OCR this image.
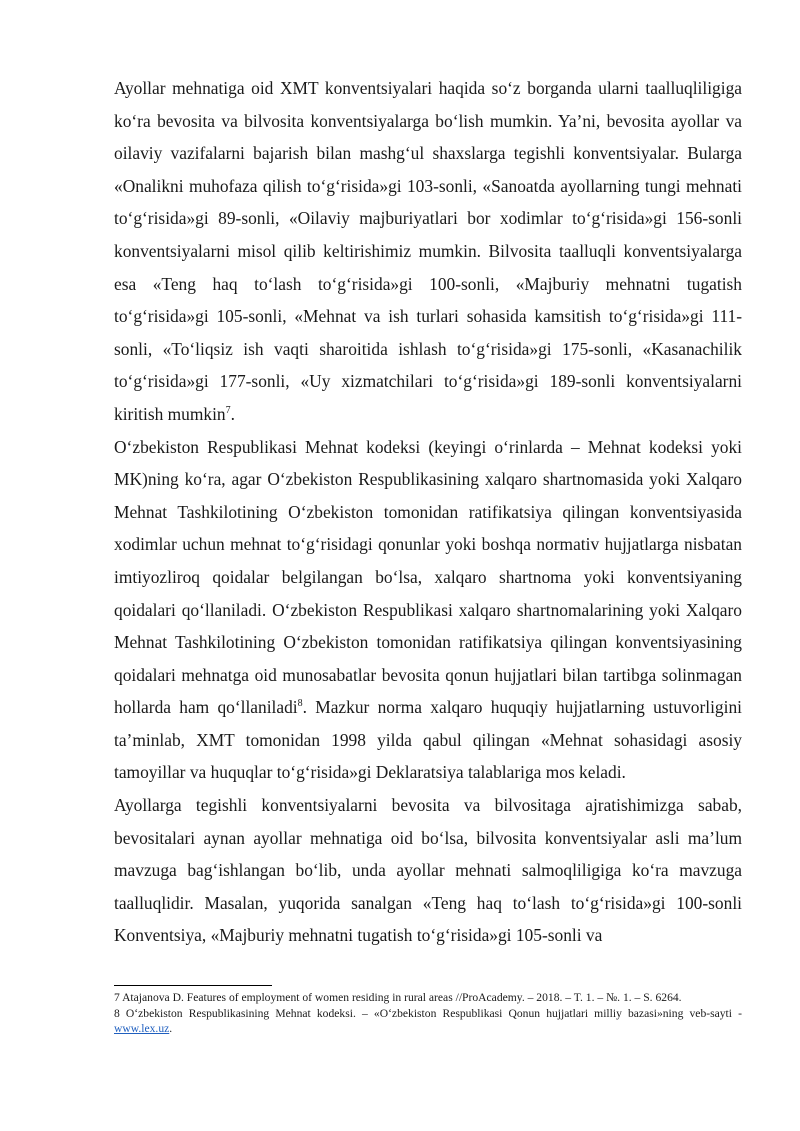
Ayollar mehnatiga oid XMT konventsiyalari haqida so‘z borganda ularni taalluqliligiga ko‘ra bevosita va bilvosita konventsiyalarga bo‘lish mumkin. Ya’ni, bevosita ayollar va oilaviy vazifalarni bajarish bilan mashg‘ul shaxslarga tegishli konventsiyalar. Bularga «Onalikni muhofaza qilish to‘g‘risida»gi 103-sonli, «Sanoatda ayollarning tungi mehnati to‘g‘risida»gi 89-sonli, «Oilaviy majburiyatlari bor xodimlar to‘g‘risida»gi 156-sonli konventsiyalarni misol qilib keltirishimiz mumkin. Bilvosita taalluqli konventsiyalarga esa «Teng haq to‘lash to‘g‘risida»gi 100-sonli, «Majburiy mehnatni tugatish to‘g‘risida»gi 105-sonli, «Mehnat va ish turlari sohasida kamsitish to‘g‘risida»gi 111-sonli, «To‘liqsiz ish vaqti sharoitida ishlash to‘g‘risida»gi 175-sonli, «Kasanachilik to‘g‘risida»gi 177-sonli, «Uy xizmatchilari to‘g‘risida»gi 189-sonli konventsiyalarni kiritish mumkin$^7$.

O‘zbekiston Respublikasi Mehnat kodeksi (keyingi o‘rinlarda – Mehnat kodeksi yoki MK)ning ko‘ra, agar O‘zbekiston Respublikasining xalqaro shartnomasida yoki Xalqaro Mehnat Tashkilotining O‘zbekiston tomonidan ratifikatsiya qilingan konventsiyasida xodimlar uchun mehnat to‘g‘risidagi qonunlar yoki boshqa normativ hujjatlarga nisbatan imtiyozliroq qoidalar belgilangan bo‘lsa, xalqaro shartnoma yoki konventsiyaning qoidalari qo‘llaniladi. O‘zbekiston Respublikasi xalqaro shartnomalarining yoki Xalqaro Mehnat Tashkilotining O‘zbekiston tomonidan ratifikatsiya qilingan konventsiyasining qoidalari mehnatga oid munosabatlar bevosita qonun hujjatlari bilan tartibga solinmagan hollarda ham qo‘llaniladi$^8$. Mazkur norma xalqaro huquqiy hujjatlarning ustuvorligini ta’minlab, XMT tomonidan 1998 yilda qabul qilingan «Mehnat sohasidagi asosiy tamoyillar va huquqlar to‘g‘risida»gi Deklaratsiya talablariga mos keladi.

Ayollarga tegishli konventsiyalarni bevosita va bilvositaga ajratishimizga sabab, bevositalari aynan ayollar mehnatiga oid bo‘lsa, bilvosita konventsiyalar asli ma’lum mavzuga bag‘ishlangan bo‘lib, unda ayollar mehnati salmoqliligiga ko‘ra mavzuga taalluqlidir. Masalan, yuqorida sanalgan «Teng haq to‘lash to‘g‘risida»gi 100-sonli Konventsiya, «Majburiy mehnatni tugatish to‘g‘risida»gi 105-sonli va

7 Atajanova D. Features of employment of women residing in rural areas //ProAcademy. – 2018. – T. 1. – №. 1. – S. 6264.

8 O‘zbekiston Respublikasining Mehnat kodeksi. – «O‘zbekiston Respublikasi Qonun hujjatlari milliy bazasi»ning veb-sayti - www.lex.uz.
